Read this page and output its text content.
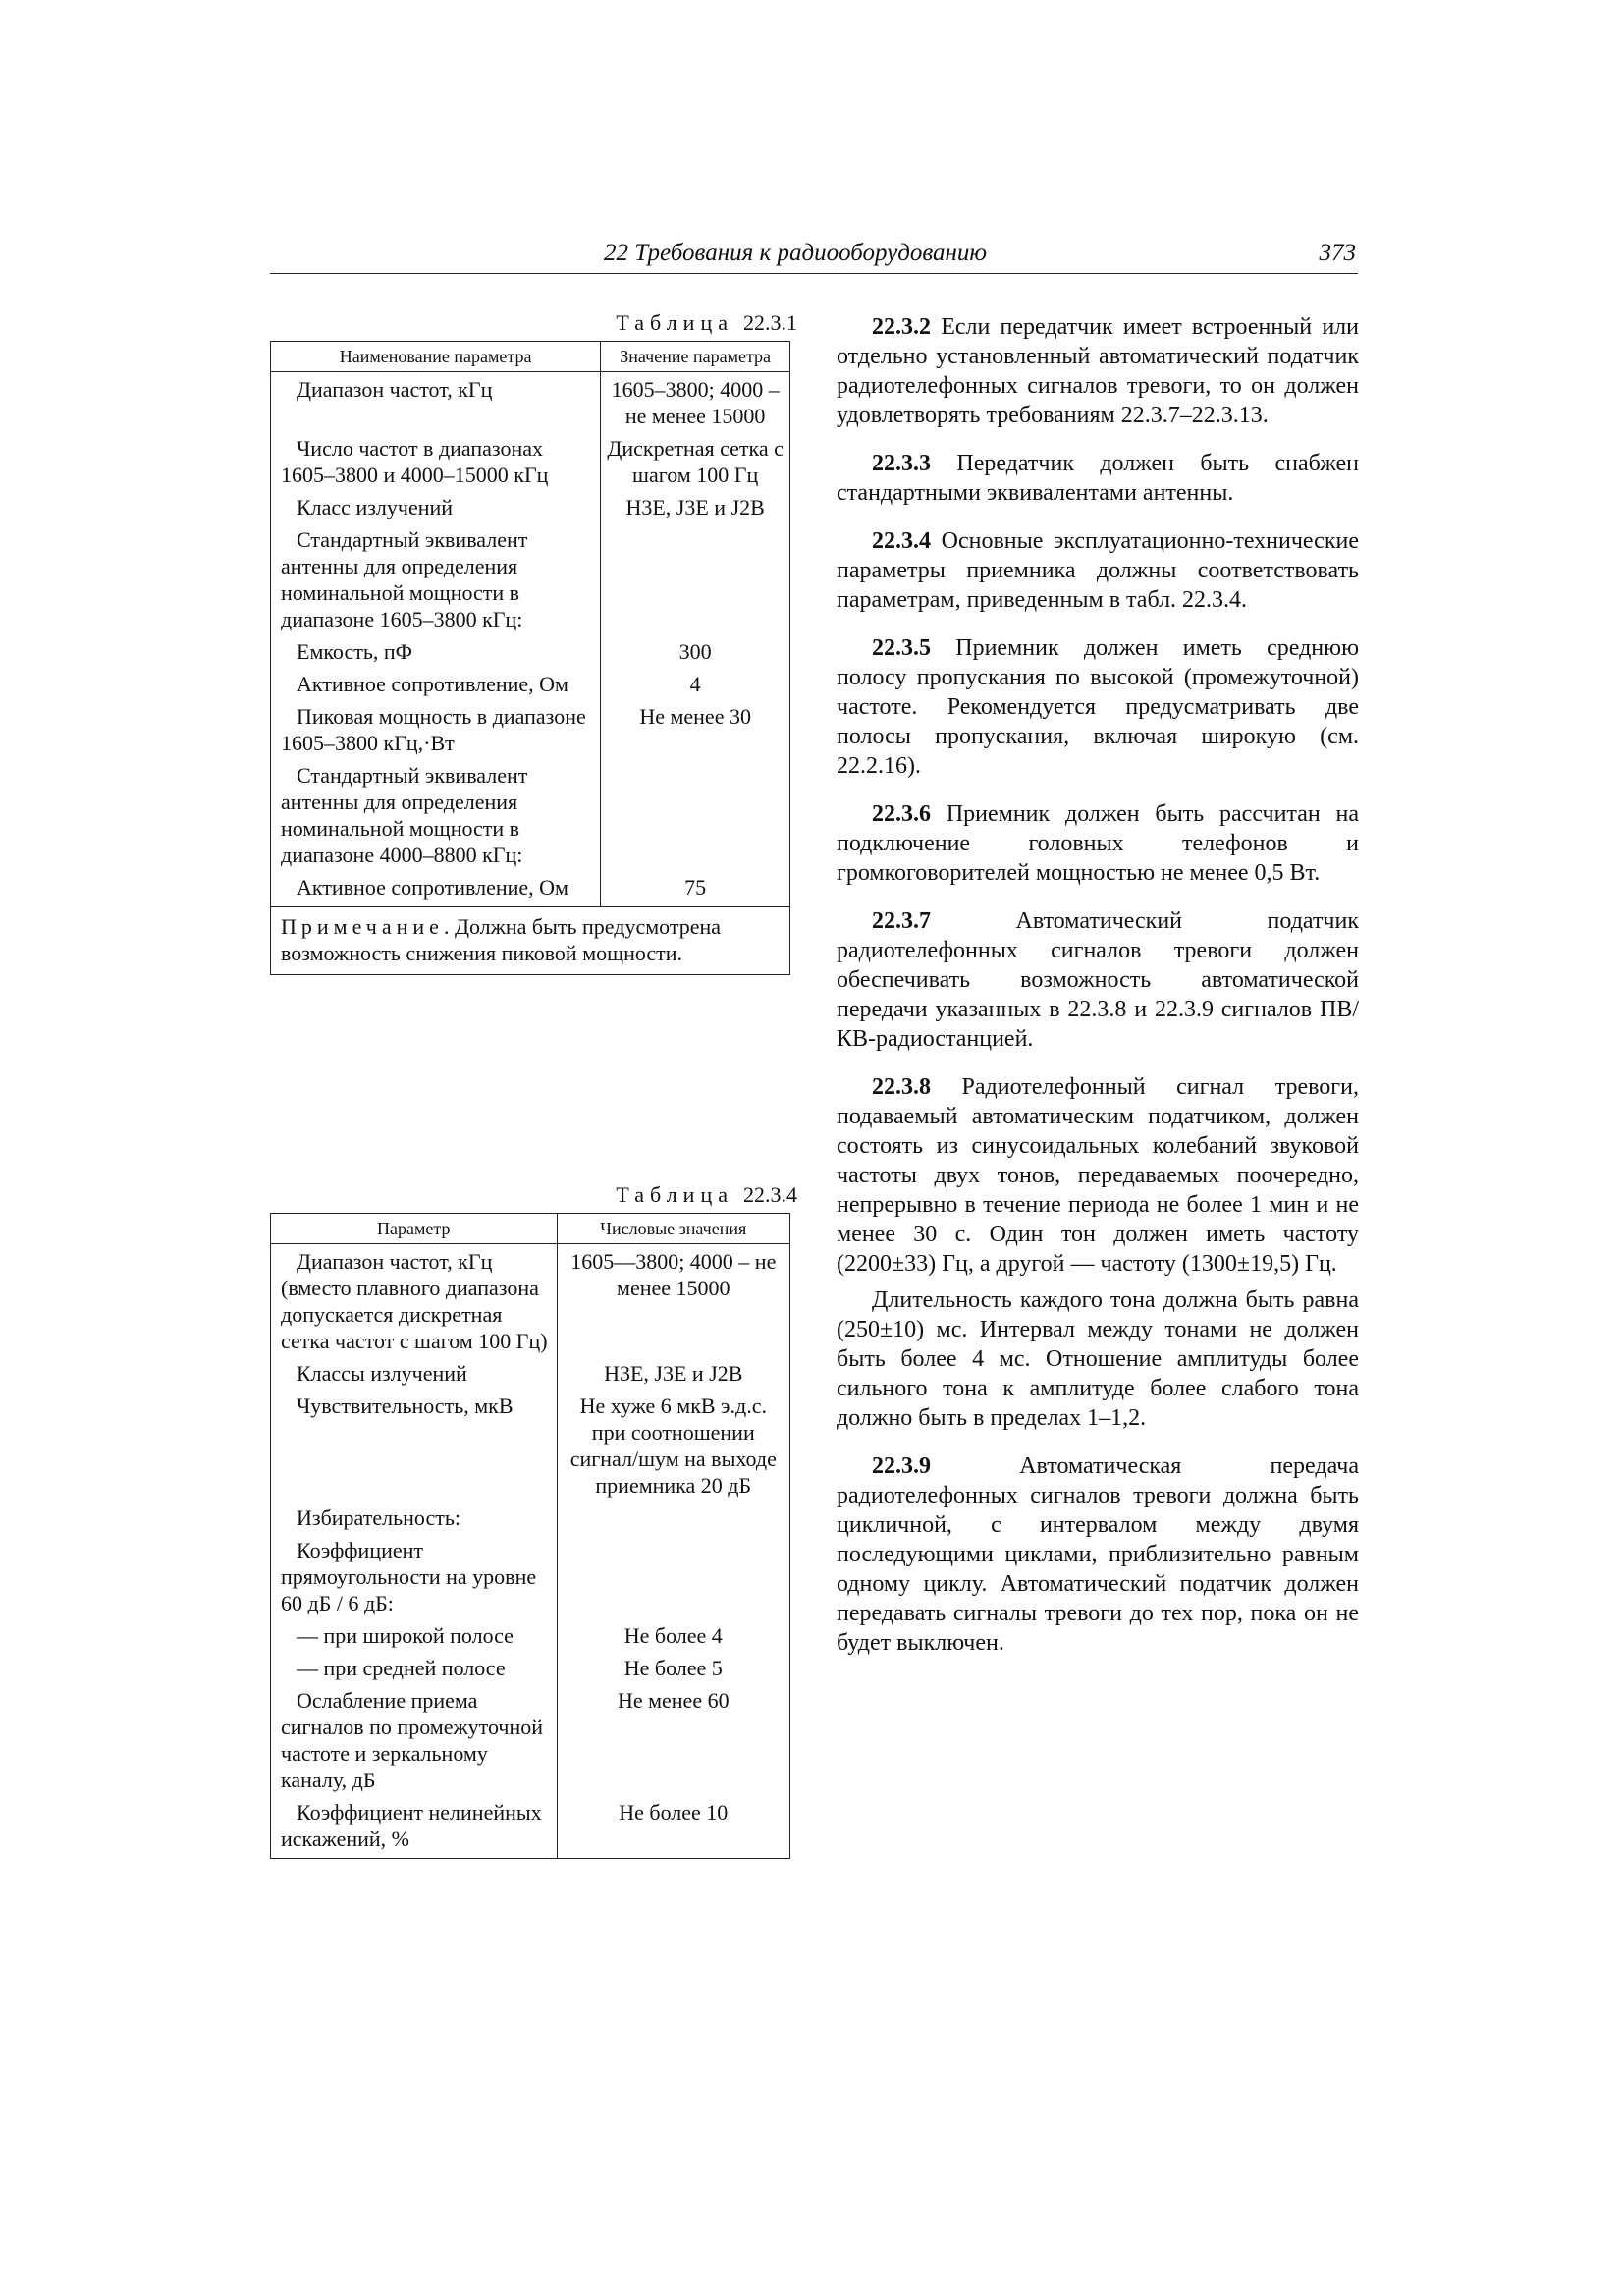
22 Требования к радиооборудованию	373
Таблица 22.3.1
Наименование параметра	Значение параметра
Диапазон частот, кГц	1605–3800; 4000 – не менее 15000
Число частот в диапазонах 1605–3800 и 4000–15000 кГц	Дискретная сетка с шагом 100 Гц
Класс излучений	Н3Е, J3E и J2B
Стандартный эквивалент антенны для определения номинальной мощности в диапазоне 1605–3800 кГц:	
Емкость, пФ	300
Активное сопротивление, Ом	4
Пиковая мощность в диапазоне 1605–3800 кГц,·Вт	Не менее 30
Стандартный эквивалент антенны для определения номинальной мощности в диапазоне 4000–8800 кГц:	
Активное сопротивление, Ом	75
Примечание. Должна быть предусмотрена возможность снижения пиковой мощности.	
Таблица 22.3.4
Параметр	Числовые значения
Диапазон частот, кГц (вместо плавного диапазона допускается дискретная сетка частот с шагом 100 Гц)	1605—3800; 4000 – не менее 15000
Классы излучений	Н3Е, J3E и J2B
Чувствительность, мкВ	Не хуже 6 мкВ э.д.с. при соотношении сигнал/шум на выходе приемника 20 дБ
Избирательность:	
Коэффициент прямоугольности на уровне 60 дБ / 6 дБ:	
— при широкой полосе	Не более 4
— при средней полосе	Не более 5
Ослабление приема сигналов по промежуточной частоте и зеркальному каналу, дБ	Не менее 60
Коэффициент нелинейных искажений, %	Не более 10

22.3.2 Если передатчик имеет встроенный или отдельно установленный автоматический податчик радиотелефонных сигналов тревоги, то он должен удовлетворять требованиям 22.3.7–22.3.13.

22.3.3 Передатчик должен быть снабжен стандартными эквивалентами антенны.

22.3.4 Основные эксплуатационно-технические параметры приемника должны соответствовать параметрам, приведенным в табл. 22.3.4.

22.3.5 Приемник должен иметь среднюю полосу пропускания по высокой (промежуточной) частоте. Рекомендуется предусматривать две полосы пропускания, включая широкую (см. 22.2.16).

22.3.6 Приемник должен быть рассчитан на подключение головных телефонов и громкоговорителей мощностью не менее 0,5 Вт.

22.3.7 Автоматический податчик радиотелефонных сигналов тревоги должен обеспечивать возможность автоматической передачи указанных в 22.3.8 и 22.3.9 сигналов ПВ/КВ-радиостанцией.

22.3.8 Радиотелефонный сигнал тревоги, подаваемый автоматическим податчиком, должен состоять из синусоидальных колебаний звуковой частоты двух тонов, передаваемых поочередно, непрерывно в течение периода не более 1 мин и не менее 30 с. Один тон должен иметь частоту (2200±33) Гц, а другой — частоту (1300±19,5) Гц.

Длительность каждого тона должна быть равна (250±10) мс. Интервал между тонами не должен быть более 4 мс. Отношение амплитуды более сильного тона к амплитуде более слабого тона должно быть в пределах 1–1,2.

22.3.9 Автоматическая передача радиотелефонных сигналов тревоги должна быть цикличной, с интервалом между двумя последующими циклами, приблизительно равным одному циклу. Автоматический податчик должен передавать сигналы тревоги до тех пор, пока он не будет выключен.
